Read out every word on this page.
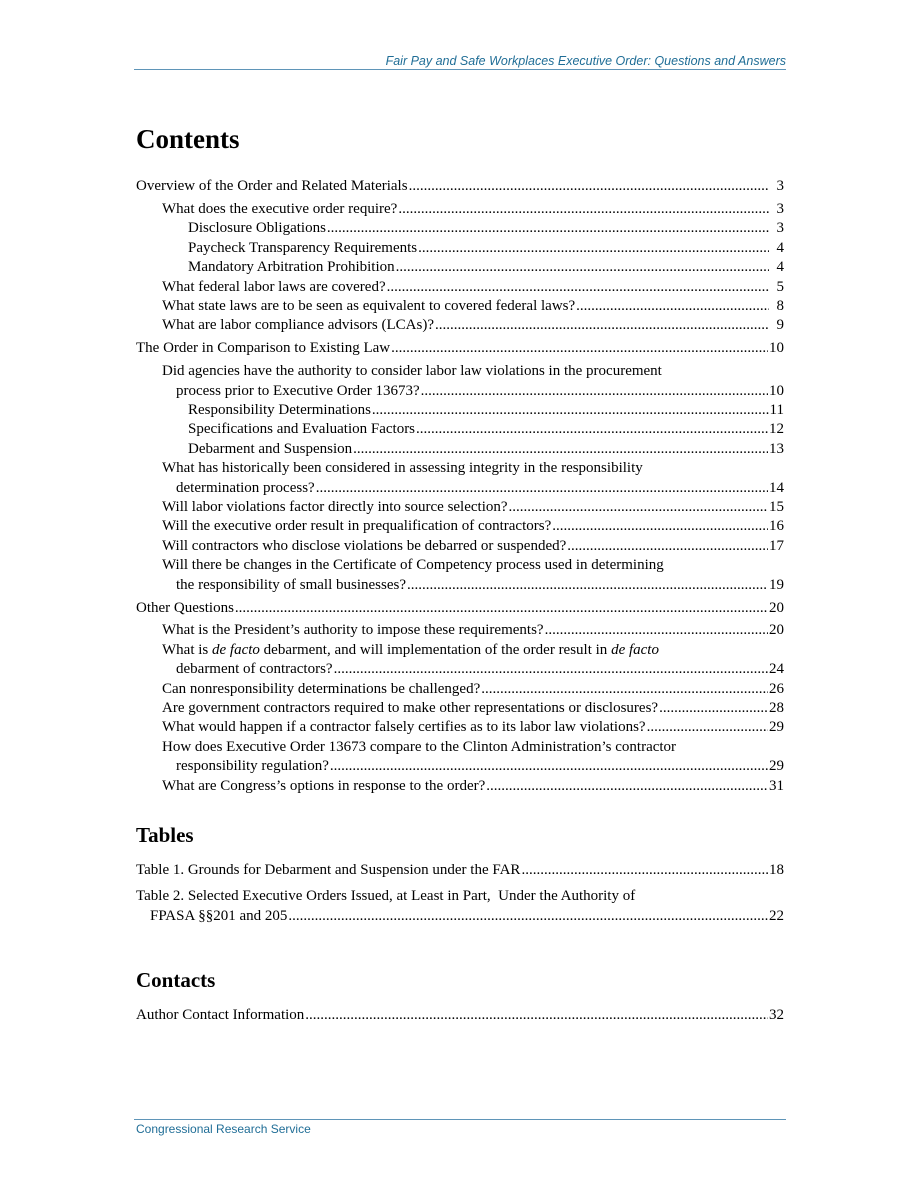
Fair Pay and Safe Workplaces Executive Order: Questions and Answers
Contents
Overview of the Order and Related Materials .....	3
What does the executive order require? .....	3
Disclosure Obligations .....	3
Paycheck Transparency Requirements .....	4
Mandatory Arbitration Prohibition .....	4
What federal labor laws are covered? .....	5
What state laws are to be seen as equivalent to covered federal laws? .....	8
What are labor compliance advisors (LCAs)? .....	9
The Order in Comparison to Existing Law .....	10
Did agencies have the authority to consider labor law violations in the procurement
process prior to Executive Order 13673? .....	10
Responsibility Determinations .....	11
Specifications and Evaluation Factors .....	12
Debarment and Suspension .....	13
What has historically been considered in assessing integrity in the responsibility
determination process? .....	14
Will labor violations factor directly into source selection? .....	15
Will the executive order result in prequalification of contractors? .....	16
Will contractors who disclose violations be debarred or suspended? .....	17
Will there be changes in the Certificate of Competency process used in determining
the responsibility of small businesses? .....	19
Other Questions .....	20
What is the President’s authority to impose these requirements? .....	20
What is de facto debarment, and will implementation of the order result in de facto
debarment of contractors? .....	24
Can nonresponsibility determinations be challenged? .....	26
Are government contractors required to make other representations or disclosures? .....	28
What would happen if a contractor falsely certifies as to its labor law violations? .....	29
How does Executive Order 13673 compare to the Clinton Administration’s contractor
responsibility regulation? .....	29
What are Congress’s options in response to the order? .....	31
Tables
Table 1. Grounds for Debarment and Suspension under the FAR .....	18
Table 2. Selected Executive Orders Issued, at Least in Part,  Under the Authority of
FPASA §§201 and 205 .....	22
Contacts
Author Contact Information .....	32
Congressional Research Service
